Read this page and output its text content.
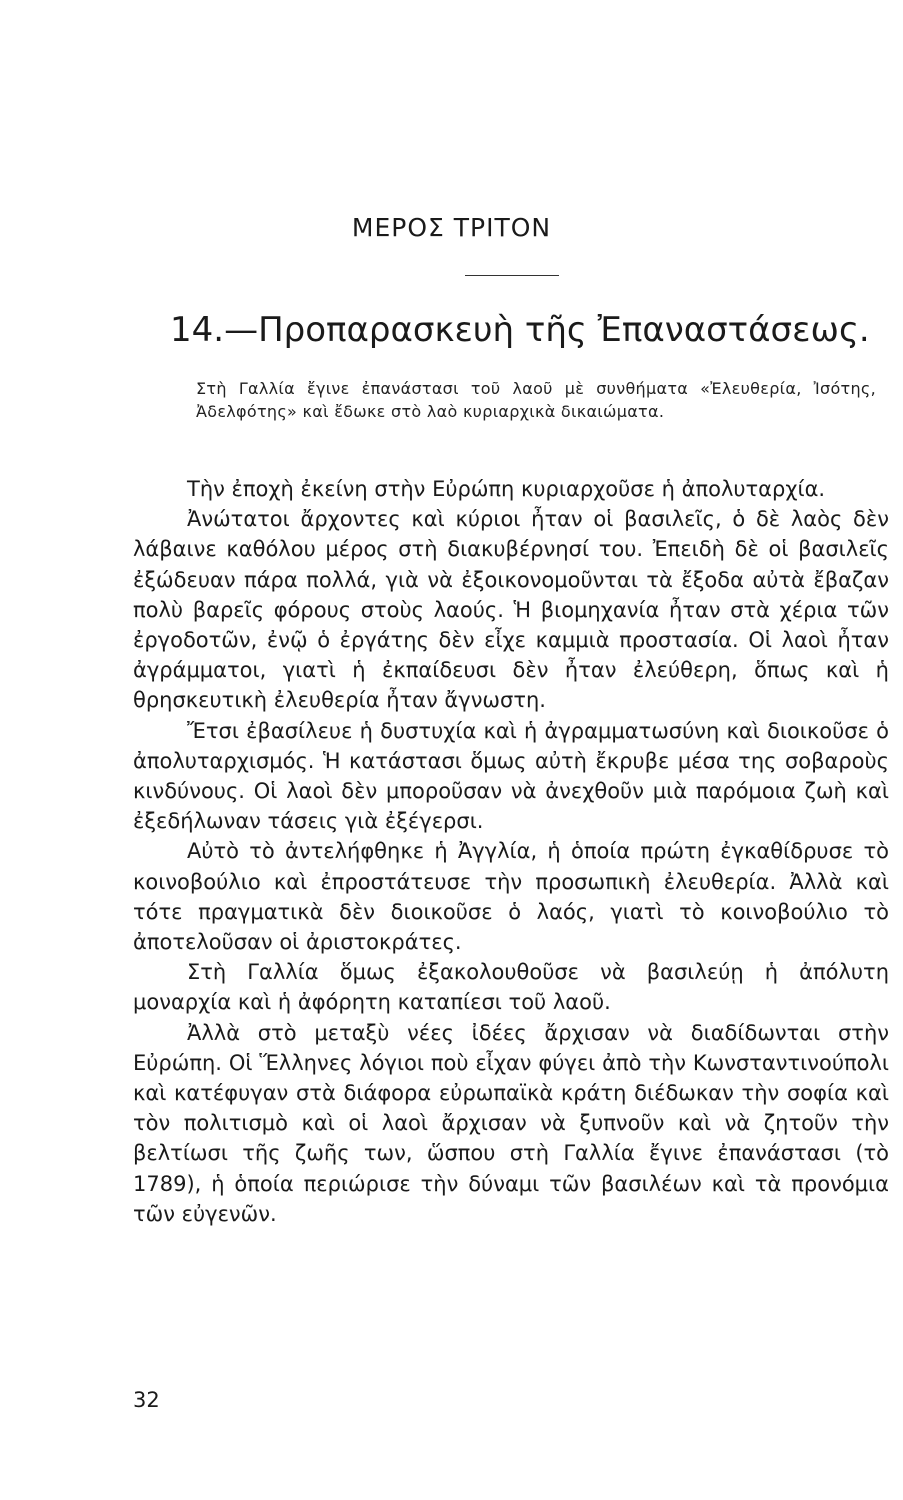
ΜΕΡΟΣ ΤΡΙΤΟΝ
14.—Προπαρασκευὴ τῆς Ἐπαναστάσεως.

Στὴ Γαλλία ἔγινε ἐπανάστασι τοῦ λαοῦ μὲ συνθήματα «Ἐλευθερία, Ἰσότης, Ἀδελφότης» καὶ ἔδωκε στὸ λαὸ κυριαρχικὰ δικαιώματα.

Τὴν ἐποχὴ ἐκείνη στὴν Εὐρώπη κυριαρχοῦσε ἡ ἀπολυταρχία.

Ἀνώτατοι ἄρχοντες καὶ κύριοι ἦταν οἱ βασιλεῖς, ὁ δὲ λαὸς δὲν λάβαινε καθόλου μέρος στὴ διακυβέρνησί του. Ἐπειδὴ δὲ οἱ βασιλεῖς ἐξώδευαν πάρα πολλά, γιὰ νὰ ἐξοικονομοῦνται τὰ ἔξοδα αὐτὰ ἔβαζαν πολὺ βαρεῖς φόρους στοὺς λαούς. Ἡ βιομηχανία ἦταν στὰ χέρια τῶν ἐργοδοτῶν, ἐνῷ ὁ ἐργάτης δὲν εἶχε καμμιὰ προστασία. Οἱ λαοὶ ἦταν ἀγράμματοι, γιατὶ ἡ ἐκπαίδευσι δὲν ἦταν ἐλεύθερη, ὅπως καὶ ἡ θρησκευτικὴ ἐλευθερία ἦταν ἄγνωστη.

Ἔτσι ἐβασίλευε ἡ δυστυχία καὶ ἡ ἀγραμματωσύνη καὶ διοικοῦσε ὁ ἀπολυταρχισμός. Ἡ κατάστασι ὅμως αὐτὴ ἔκρυβε μέσα της σοβαροὺς κινδύνους. Οἱ λαοὶ δὲν μποροῦσαν νὰ ἀνεχθοῦν μιὰ παρόμοια ζωὴ καὶ ἐξεδήλωναν τάσεις γιὰ ἐξέγερσι.

Αὐτὸ τὸ ἀντελήφθηκε ἡ Ἀγγλία, ἡ ὁποία πρώτη ἐγκαθίδρυσε τὸ κοινοβούλιο καὶ ἐπροστάτευσε τὴν προσωπικὴ ἐλευθερία. Ἀλλὰ καὶ τότε πραγματικὰ δὲν διοικοῦσε ὁ λαός, γιατὶ τὸ κοινοβούλιο τὸ ἀποτελοῦσαν οἱ ἀριστοκράτες.

Στὴ Γαλλία ὅμως ἐξακολουθοῦσε νὰ βασιλεύῃ ἡ ἀπόλυτη μοναρχία καὶ ἡ ἀφόρητη καταπίεσι τοῦ λαοῦ.

Ἀλλὰ στὸ μεταξὺ νέες ἰδέες ἄρχισαν νὰ διαδίδωνται στὴν Εὐρώπη. Οἱ Ἕλληνες λόγιοι ποὺ εἶχαν φύγει ἀπὸ τὴν Κωνσταντινούπολι καὶ κατέφυγαν στὰ διάφορα εὐρωπαϊκὰ κράτη διέδωκαν τὴν σοφία καὶ τὸν πολιτισμὸ καὶ οἱ λαοὶ ἄρχισαν νὰ ξυπνοῦν καὶ νὰ ζητοῦν τὴν βελτίωσι τῆς ζωῆς των, ὥσπου στὴ Γαλλία ἔγινε ἐπανάστασι (τὸ 1789), ἡ ὁποία περιώρισε τὴν δύναμι τῶν βασιλέων καὶ τὰ προνόμια τῶν εὐγενῶν.

32
